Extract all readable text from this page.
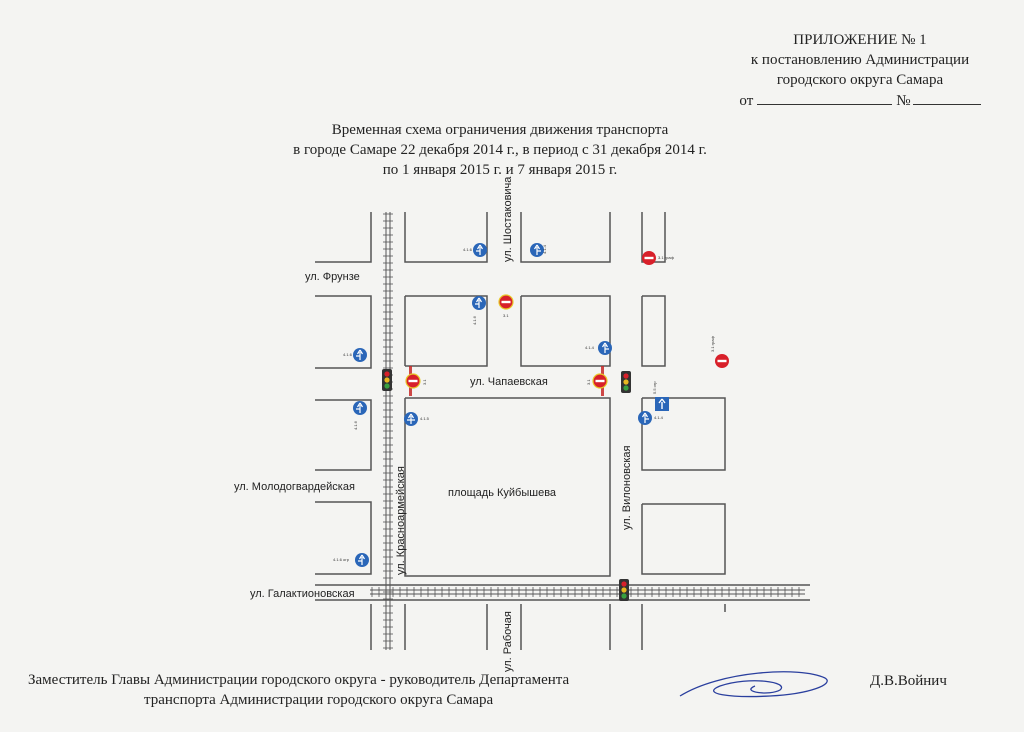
ПРИЛОЖЕНИЕ № 1
к постановлению Администрации
городского округа Самара
от	№
Временная схема ограничения движения транспорта
в городе Самаре 22 декабря 2014 г., в период с 31 декабря 2014 г.
по 1 января 2015 г. и 7 января 2015 г.
ул. Фрунзе
ул. Чапаевская
ул. Молодогвардейская	площадь Куйбышева
ул. Галактионовская
ул. Шостаковича
ул. Красноармейская	ул. Вилоновская
ул. Рабочая
4.1.6	4.1.4
4.1.6
4.1.6
4.1.6
4.1.5
4.1.4
4.1.4
4.1.6 огр
5.5 огр
3.1
3.1 граф
3.1 граф
3.1	3.1
Заместитель Главы Администрации городского округа - руководитель Департамента
транспорта Администрации городского округа Самара
Д.В.Войнич
